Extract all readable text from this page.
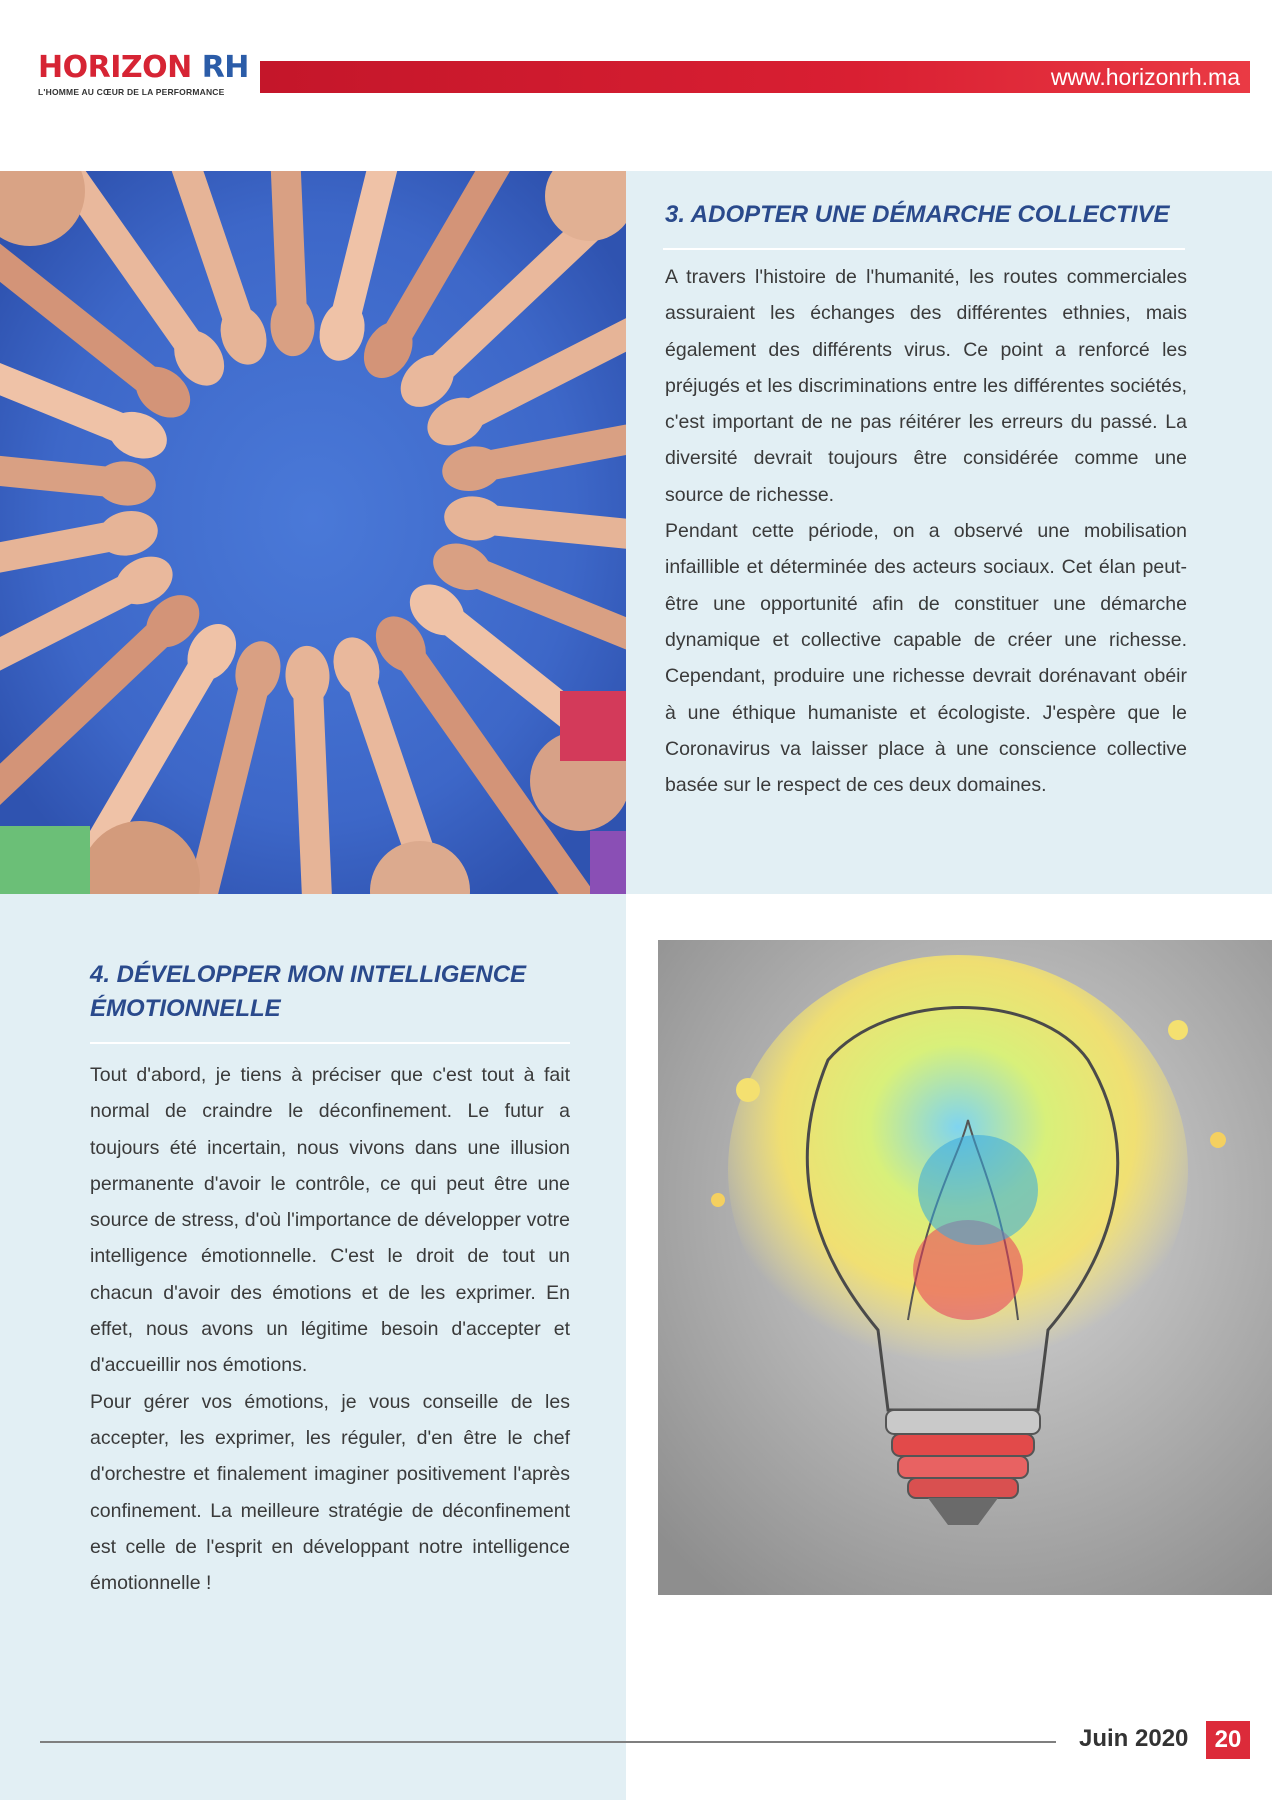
HORIZON RH
L'HOMME AU CŒUR DE LA PERFORMANCE
www.horizonrh.ma
3. ADOPTER UNE DÉMARCHE COLLECTIVE

A travers l'histoire de l'humanité, les routes commerciales assuraient les échanges des différentes ethnies, mais également des différents virus. Ce point a renforcé les préjugés et les discriminations entre les différentes sociétés, c'est important de ne pas réitérer les erreurs du passé. La diversité devrait toujours être considérée comme une source de richesse.

Pendant cette période, on a observé une mobilisation infaillible et déterminée des acteurs sociaux. Cet élan peut-être une opportunité afin de constituer une démarche dynamique et collective capable de créer une richesse. Cependant, produire une richesse devrait dorénavant obéir à une éthique humaniste et écologiste. J'espère que le Coronavirus va laisser place à une conscience collective basée sur le respect de ces deux domaines.

4. DÉVELOPPER MON INTELLIGENCE
ÉMOTIONNELLE

Tout d'abord, je tiens à préciser que c'est tout à fait normal de craindre le déconfinement. Le futur a toujours été incertain, nous vivons dans une illusion permanente d'avoir le contrôle, ce qui peut être une source de stress, d'où l'importance de développer votre intelligence émotionnelle. C'est le droit de tout un chacun d'avoir des émotions et de les exprimer. En effet, nous avons un légitime besoin d'accepter et d'accueillir nos émotions.

Pour gérer vos émotions, je vous conseille de les accepter, les exprimer, les réguler, d'en être le chef d'orchestre et finalement imaginer positivement l'après confinement. La meilleure stratégie de déconfinement est celle de l'esprit en développant notre intelligence émotionnelle !

Juin 2020	20
